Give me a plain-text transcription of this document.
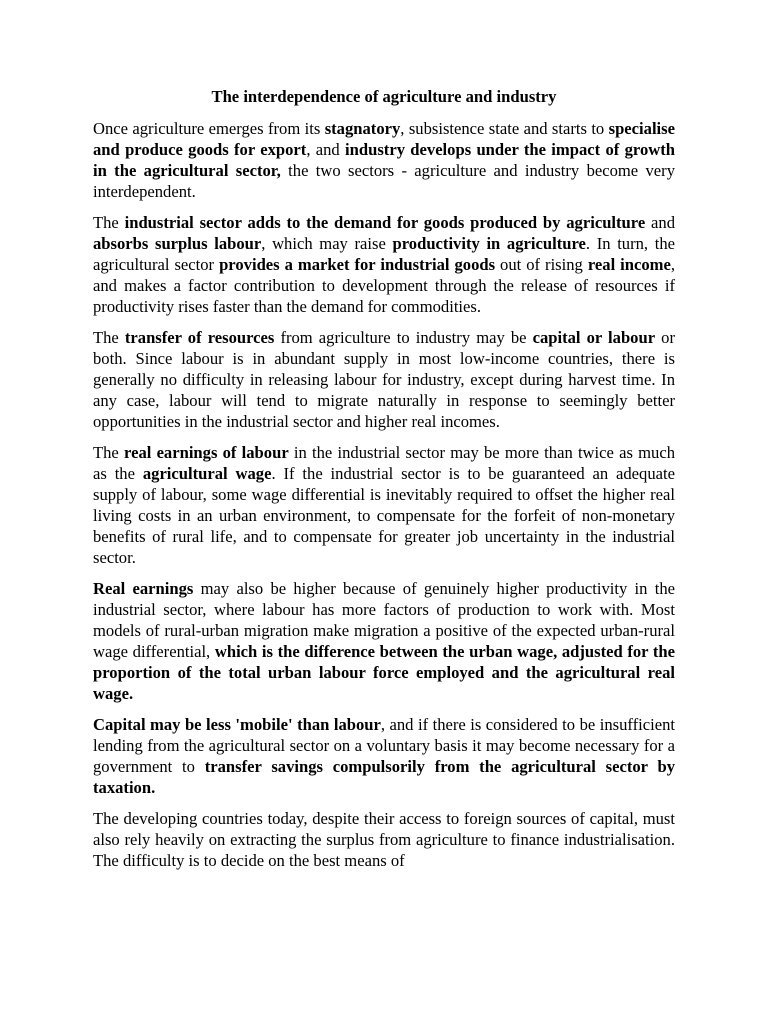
The interdependence of agriculture and industry

Once agriculture emerges from its stagnatory, subsistence state and starts to specialise and produce goods for export, and industry develops under the impact of growth in the agricultural sector, the two sectors - agriculture and industry become very interdependent.

The industrial sector adds to the demand for goods produced by agriculture and absorbs surplus labour, which may raise productivity in agriculture. In turn, the agricultural sector provides a market for industrial goods out of rising real income, and makes a factor contribution to development through the release of resources if productivity rises faster than the demand for commodities.

The transfer of resources from agriculture to industry may be capital or labour or both. Since labour is in abundant supply in most low-income countries, there is generally no difficulty in releasing labour for industry, except during harvest time. In any case, labour will tend to migrate naturally in response to seemingly better opportunities in the industrial sector and higher real incomes.

The real earnings of labour in the industrial sector may be more than twice as much as the agricultural wage. If the industrial sector is to be guaranteed an adequate supply of labour, some wage differential is inevitably required to offset the higher real living costs in an urban environment, to compensate for the forfeit of non-monetary benefits of rural life, and to compensate for greater job uncertainty in the industrial sector.

Real earnings may also be higher because of genuinely higher productivity in the industrial sector, where labour has more factors of production to work with. Most models of rural-urban migration make migration a positive of the expected urban-rural wage differential, which is the difference between the urban wage, adjusted for the proportion of the total urban labour force employed and the agricultural real wage.

Capital may be less 'mobile' than labour, and if there is considered to be insufficient lending from the agricultural sector on a voluntary basis it may become necessary for a government to transfer savings compulsorily from the agricultural sector by taxation.

The developing countries today, despite their access to foreign sources of capital, must also rely heavily on extracting the surplus from agriculture to finance industrialisation. The difficulty is to decide on the best means of
